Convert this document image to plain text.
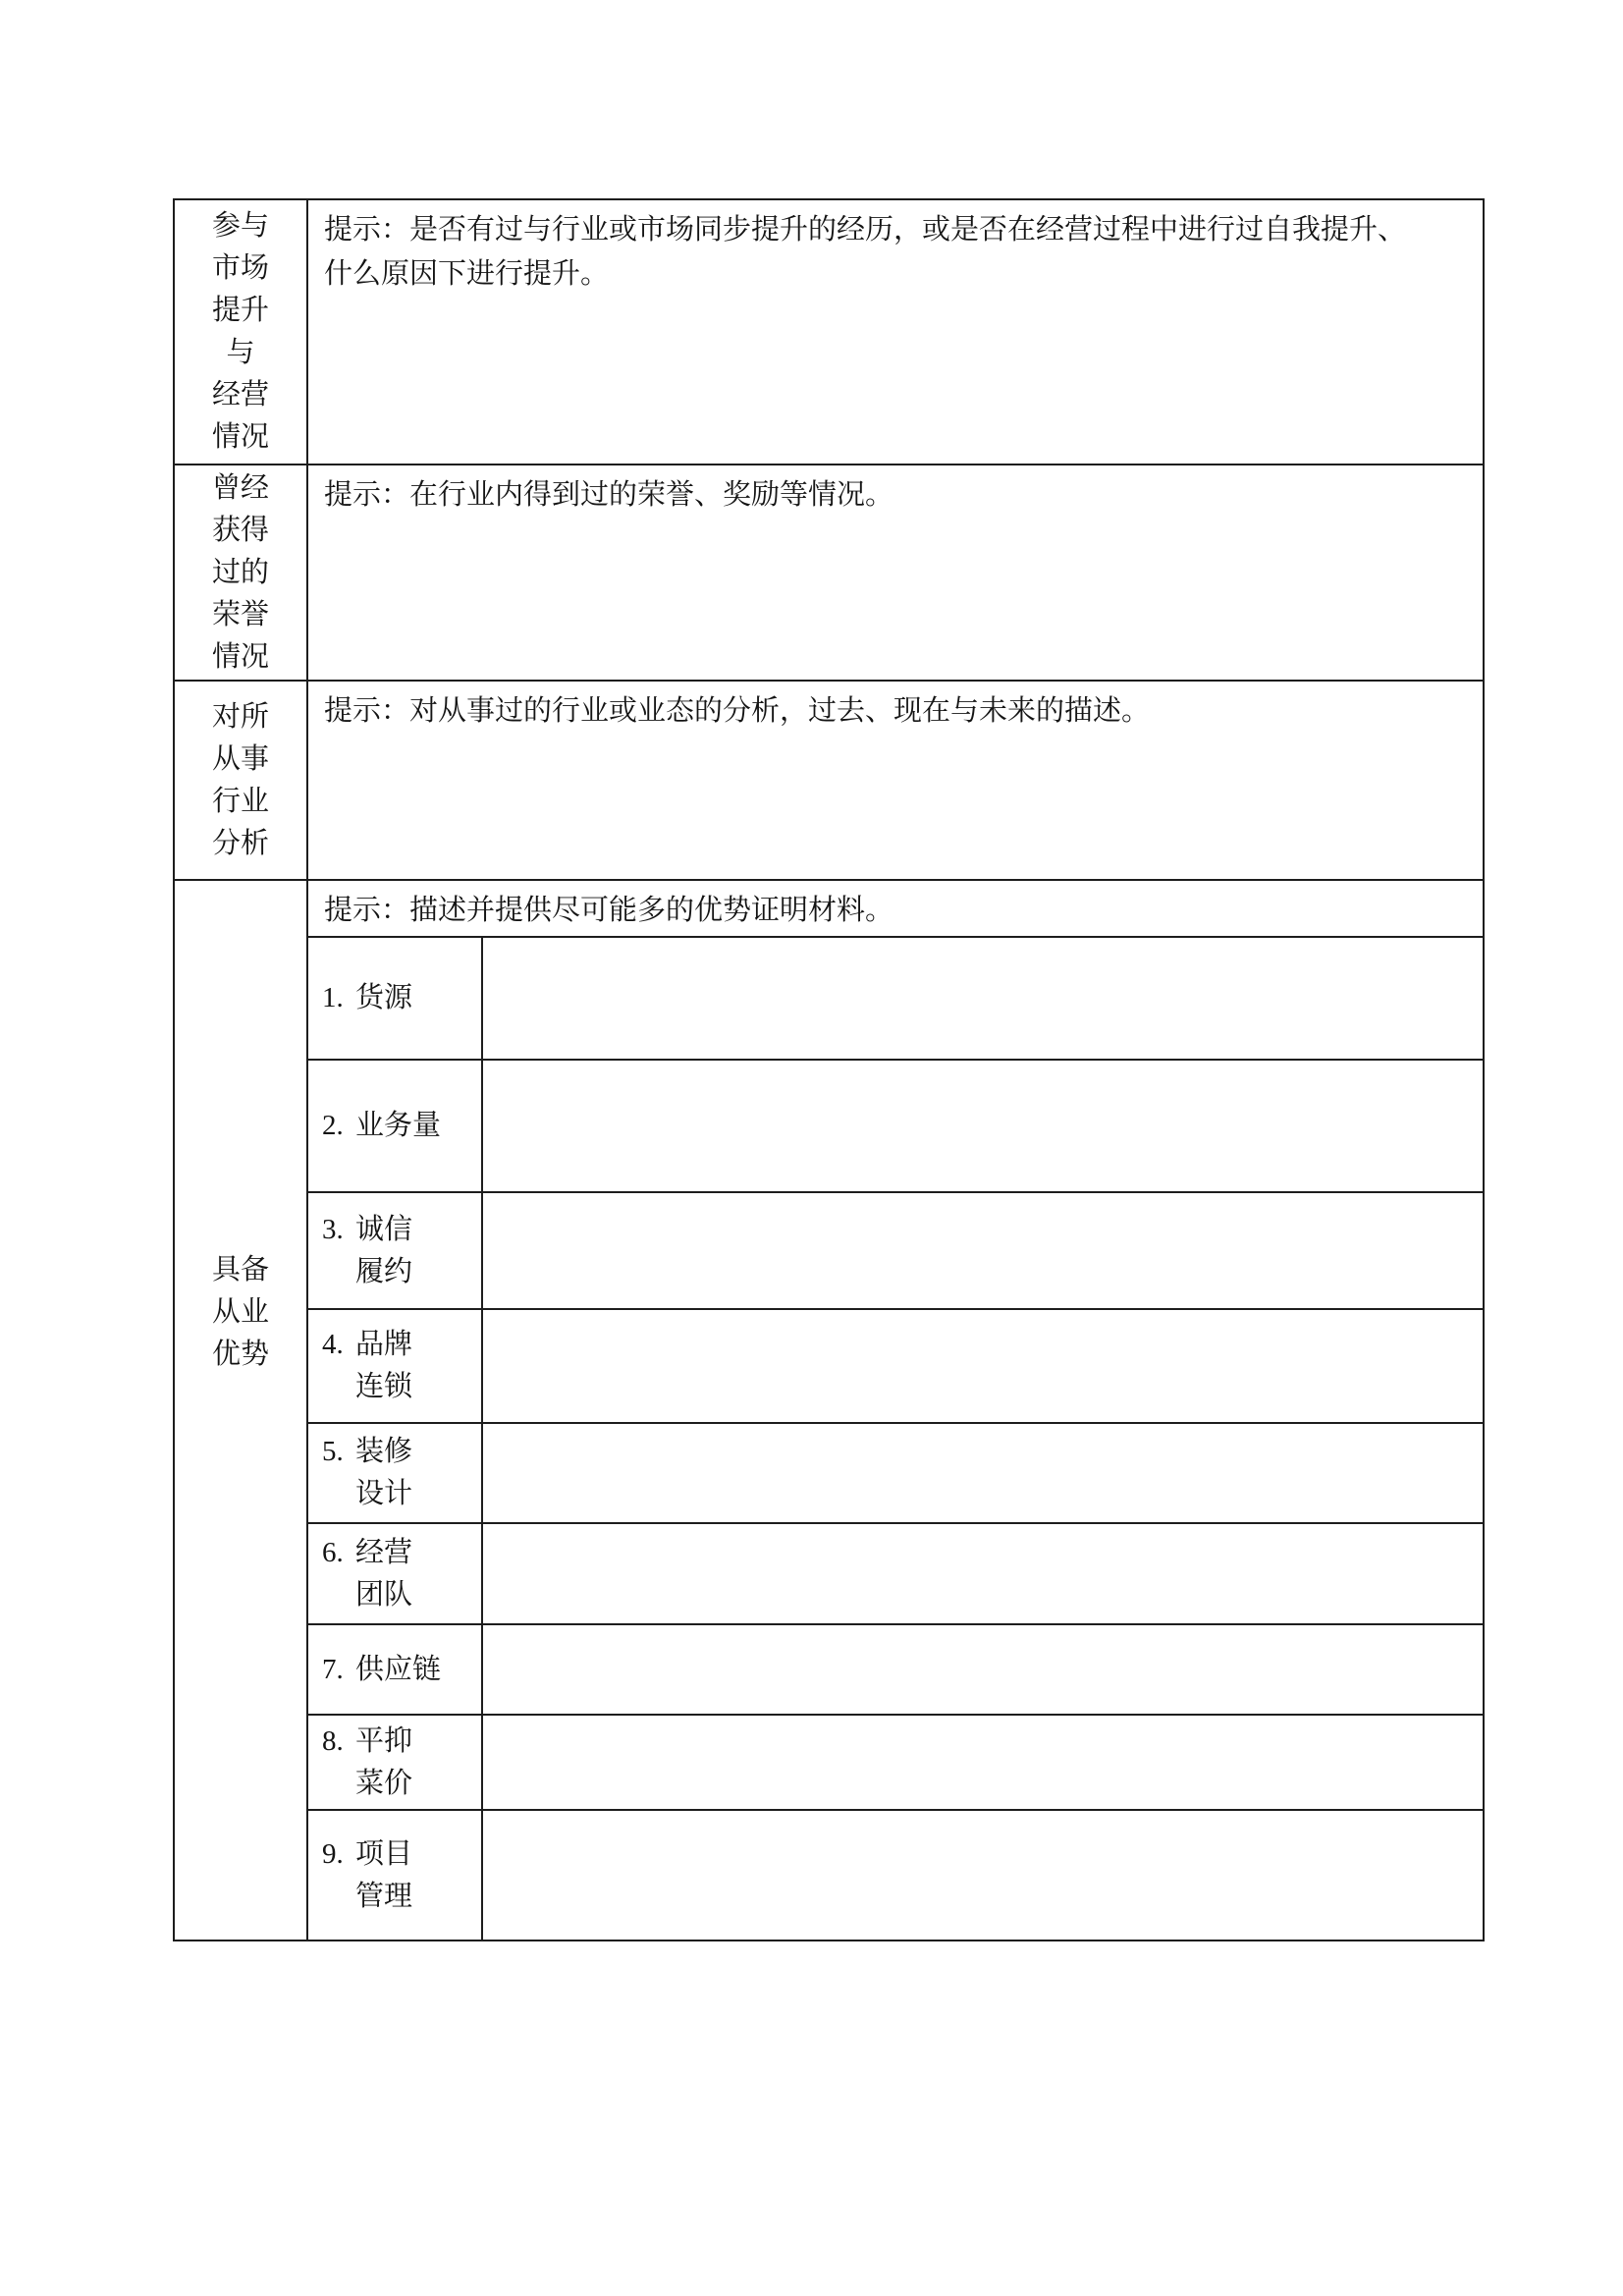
参与
市场
提升
与
经营
情况
提示：是否有过与行业或市场同步提升的经历，或是否在经营过程中进行过自我提升、
什么原因下进行提升。
曾经
获得
过的
荣誉
情况
提示：在行业内得到过的荣誉、奖励等情况。
对所
从事
行业
分析
提示：对从事过的行业或业态的分析，过去、现在与未来的描述。
具备
从业
优势
提示：描述并提供尽可能多的优势证明材料。
1. 货源
2. 业务量
3. 诚信
履约
4. 品牌
连锁
5. 装修
设计
6. 经营
团队
7. 供应链
8. 平抑
菜价
9. 项目
管理
